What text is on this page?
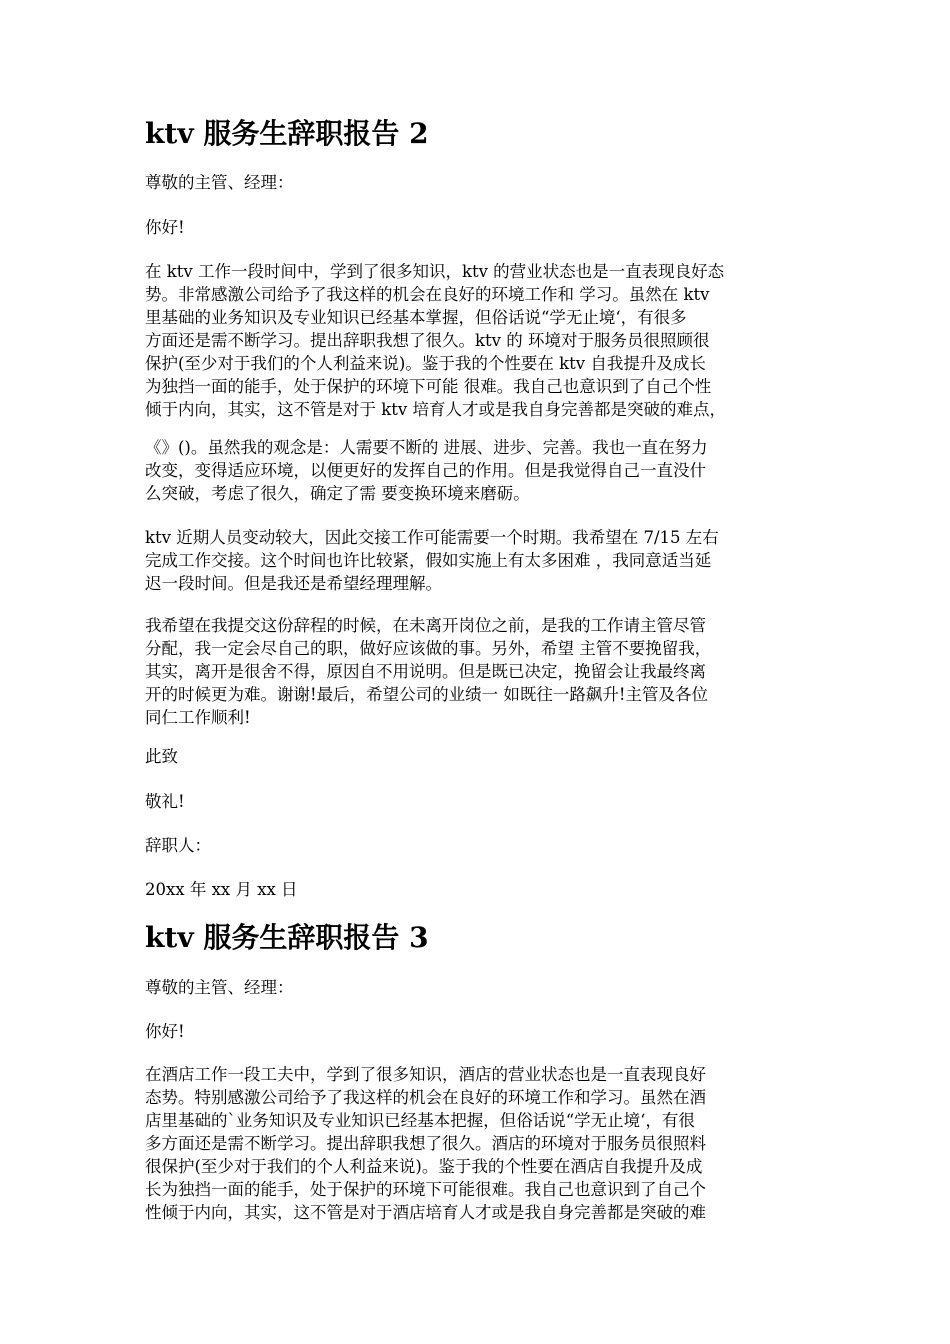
ktv 服务生辞职报告 2

尊敬的主管、经理：

你好!

在 ktv 工作一段时间中，学到了很多知识，ktv 的营业状态也是一直表现良好态

势。非常感激公司给予了我这样的机会在良好的环境工作和 学习。虽然在 ktv

里基础的业务知识及专业知识已经基本掌握，但俗话说“学无止境‘，有很多

方面还是需不断学习。提出辞职我想了很久。ktv 的 环境对于服务员很照顾很

保护(至少对于我们的个人利益来说)。鉴于我的个性要在 ktv 自我提升及成长

为独挡一面的能手，处于保护的环境下可能 很难。我自己也意识到了自己个性

倾于内向，其实，这不管是对于 ktv 培育人才或是我自身完善都是突破的难点，

《》()。虽然我的观念是：人需要不断的 进展、进步、完善。我也一直在努力

改变，变得适应环境，以便更好的发挥自己的作用。但是我觉得自己一直没什

么突破，考虑了很久，确定了需 要变换环境来磨砺。

ktv 近期人员变动较大，因此交接工作可能需要一个时期。我希望在 7/15 左右

完成工作交接。这个时间也许比较紧，假如实施上有太多困难 ，我同意适当延

迟一段时间。但是我还是希望经理理解。

我希望在我提交这份辞程的时候，在未离开岗位之前，是我的工作请主管尽管

分配，我一定会尽自己的职，做好应该做的事。另外，希望 主管不要挽留我，

其实，离开是很舍不得，原因自不用说明。但是既已决定，挽留会让我最终离

开的时候更为难。谢谢!最后，希望公司的业绩一 如既往一路飙升!主管及各位

同仁工作顺利!

此致

敬礼!

辞职人：

20xx 年 xx 月 xx 日

ktv 服务生辞职报告 3

尊敬的主管、经理：

你好!

在酒店工作一段工夫中，学到了很多知识，酒店的营业状态也是一直表现良好

态势。特别感激公司给予了我这样的机会在良好的环境工作和学习。虽然在酒

店里基础的`业务知识及专业知识已经基本把握，但俗话说“学无止境‘，有很

多方面还是需不断学习。提出辞职我想了很久。酒店的环境对于服务员很照料

很保护(至少对于我们的个人利益来说)。鉴于我的个性要在酒店自我提升及成

长为独挡一面的能手，处于保护的环境下可能很难。我自己也意识到了自己个

性倾于内向，其实，这不管是对于酒店培育人才或是我自身完善都是突破的难
